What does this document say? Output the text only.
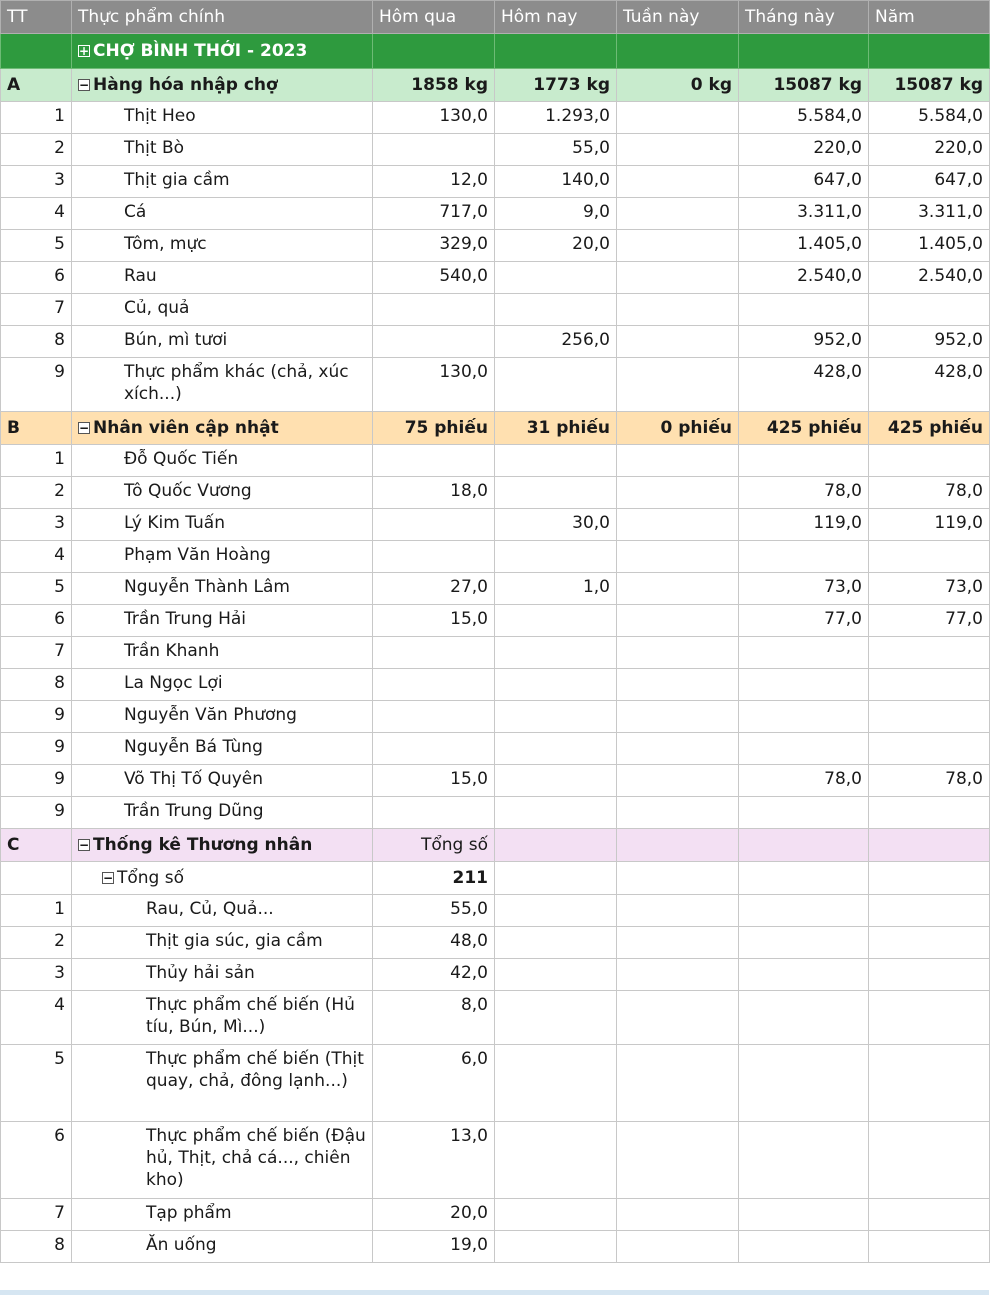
TT	Thực phẩm chính	Hôm qua	Hôm nay	Tuần này	Tháng này	Năm
	+ CHỢ BÌNH THỚI - 2023					
A	− Hàng hóa nhập chợ	1858 kg	1773 kg	0 kg	15087 kg	15087 kg
1	Thịt Heo	130,0	1.293,0		5.584,0	5.584,0
2	Thịt Bò		55,0		220,0	220,0
3	Thịt gia cầm	12,0	140,0		647,0	647,0
4	Cá	717,0	9,0		3.311,0	3.311,0
5	Tôm, mực	329,0	20,0		1.405,0	1.405,0
6	Rau	540,0			2.540,0	2.540,0
7	Củ, quả					
8	Bún, mì tươi		256,0		952,0	952,0
9	Thực phẩm khác (chả, xúc xích...)	130,0			428,0	428,0
B	− Nhân viên cập nhật	75 phiếu	31 phiếu	0 phiếu	425 phiếu	425 phiếu
1	Đỗ Quốc Tiến					
2	Tô Quốc Vương	18,0			78,0	78,0
3	Lý Kim Tuấn		30,0		119,0	119,0
4	Phạm Văn Hoàng					
5	Nguyễn Thành Lâm	27,0	1,0		73,0	73,0
6	Trần Trung Hải	15,0			77,0	77,0
7	Trần Khanh					
8	La Ngọc Lợi					
9	Nguyễn Văn Phương					
9	Nguyễn Bá Tùng					
9	Võ Thị Tố Quyên	15,0			78,0	78,0
9	Trần Trung Dũng					
C	− Thống kê Thương nhân	Tổng số				
	− Tổng số	211				
1	Rau, Củ, Quả...	55,0				
2	Thịt gia súc, gia cầm	48,0				
3	Thủy hải sản	42,0				
4	Thực phẩm chế biến (Hủ tíu, Bún, Mì...)	8,0				
5	Thực phẩm chế biến (Thịt quay, chả, đông lạnh...)	6,0				
6	Thực phẩm chế biến (Đậu hủ, Thịt, chả cá..., chiên kho)	13,0				
7	Tạp phẩm	20,0				
8	Ăn uống	19,0				
